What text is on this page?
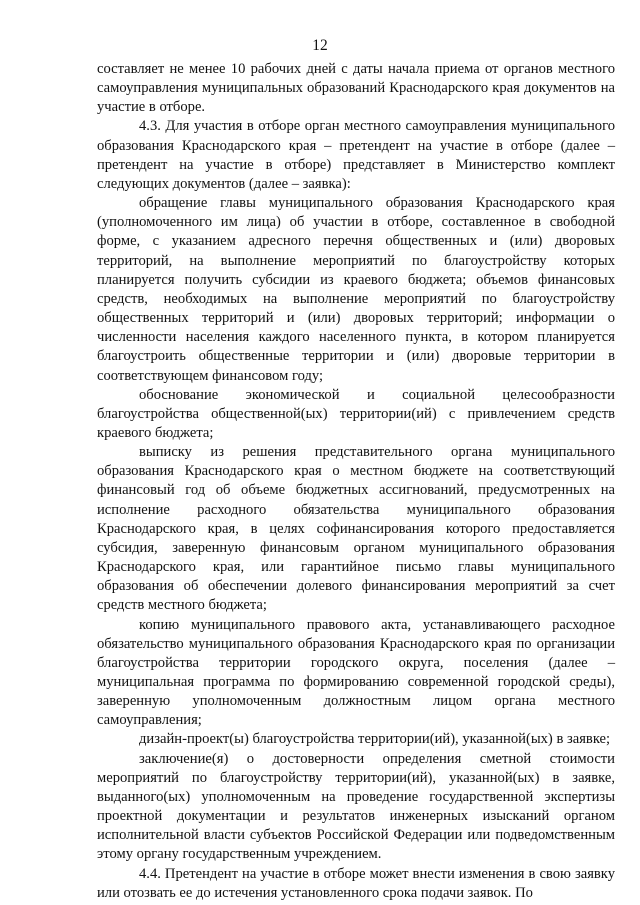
12

составляет не менее 10 рабочих дней с даты начала приема от органов местного самоуправления муниципальных образований Краснодарского края документов на участие в отборе.

4.3. Для участия в отборе орган местного самоуправления муниципального образования Краснодарского края – претендент на участие в отборе (далее – претендент на участие в отборе) представляет в Министерство комплект следующих документов (далее – заявка):

обращение главы муниципального образования Краснодарского края (уполномоченного им лица) об участии в отборе, составленное в свободной форме, с указанием адресного перечня общественных и (или) дворовых территорий, на выполнение мероприятий по благоустройству которых планируется получить субсидии из краевого бюджета; объемов финансовых средств, необходимых на выполнение мероприятий по благоустройству общественных территорий и (или) дворовых территорий; информации о численности населения каждого населенного пункта, в котором планируется благоустроить общественные территории и (или) дворовые территории в соответствующем финансовом году;

обоснование экономической и социальной целесообразности благоустройства общественной(ых) территории(ий) с привлечением средств краевого бюджета;

выписку из решения представительного органа муниципального образования Краснодарского края о местном бюджете на соответствующий финансовый год об объеме бюджетных ассигнований, предусмотренных на исполнение расходного обязательства муниципального образования Краснодарского края, в целях софинансирования которого предоставляется субсидия, заверенную финансовым органом муниципального образования Краснодарского края, или гарантийное письмо главы муниципального образования об обеспечении долевого финансирования мероприятий за счет средств местного бюджета;

копию муниципального правового акта, устанавливающего расходное обязательство муниципального образования Краснодарского края по организации благоустройства территории городского округа, поселения (далее – муниципальная программа по формированию современной городской среды), заверенную уполномоченным должностным лицом органа местного самоуправления;

дизайн-проект(ы) благоустройства территории(ий), указанной(ых) в заявке;

заключение(я) о достоверности определения сметной стоимости мероприятий по благоустройству территории(ий), указанной(ых) в заявке, выданного(ых) уполномоченным на проведение государственной экспертизы проектной документации и результатов инженерных изысканий органом исполнительной власти субъектов Российской Федерации или подведомственным этому органу государственным учреждением.

4.4. Претендент на участие в отборе может внести изменения в свою заявку или отозвать ее до истечения установленного срока подачи заявок. По
